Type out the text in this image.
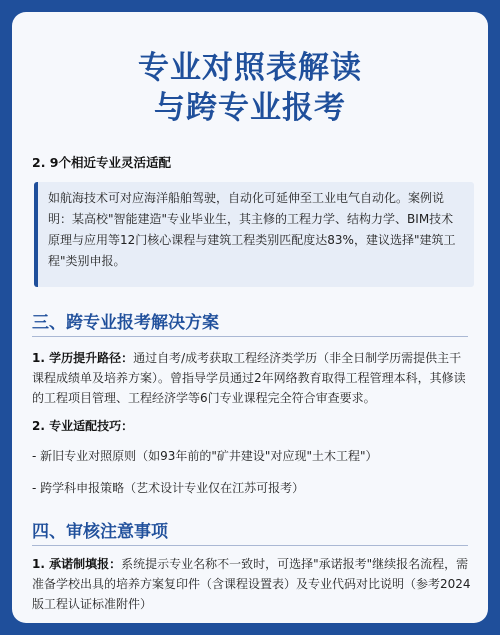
专业对照表解读
与跨专业报考
2. 9个相近专业灵活适配
如航海技术可对应海洋船舶驾驶，自动化可延伸至工业电气自动化。案例说明：某高校"智能建造"专业毕业生，其主修的工程力学、结构力学、BIM技术原理与应用等12门核心课程与建筑工程类别匹配度达83%，建议选择"建筑工程"类别申报。
三、跨专业报考解决方案
1. 学历提升路径：通过自考/成考获取工程经济类学历（非全日制学历需提供主干课程成绩单及培养方案）。曾指导学员通过2年网络教育取得工程管理本科，其修读的工程项目管理、工程经济学等6门专业课程完全符合审查要求。
2. 专业适配技巧：
- 新旧专业对照原则（如93年前的"矿井建设"对应现"土木工程"）
- 跨学科申报策略（艺术设计专业仅在江苏可报考）
四、审核注意事项
1. 承诺制填报：系统提示专业名称不一致时，可选择"承诺报考"继续报名流程，需准备学校出具的培养方案复印件（含课程设置表）及专业代码对比说明（参考2024版工程认证标准附件）
